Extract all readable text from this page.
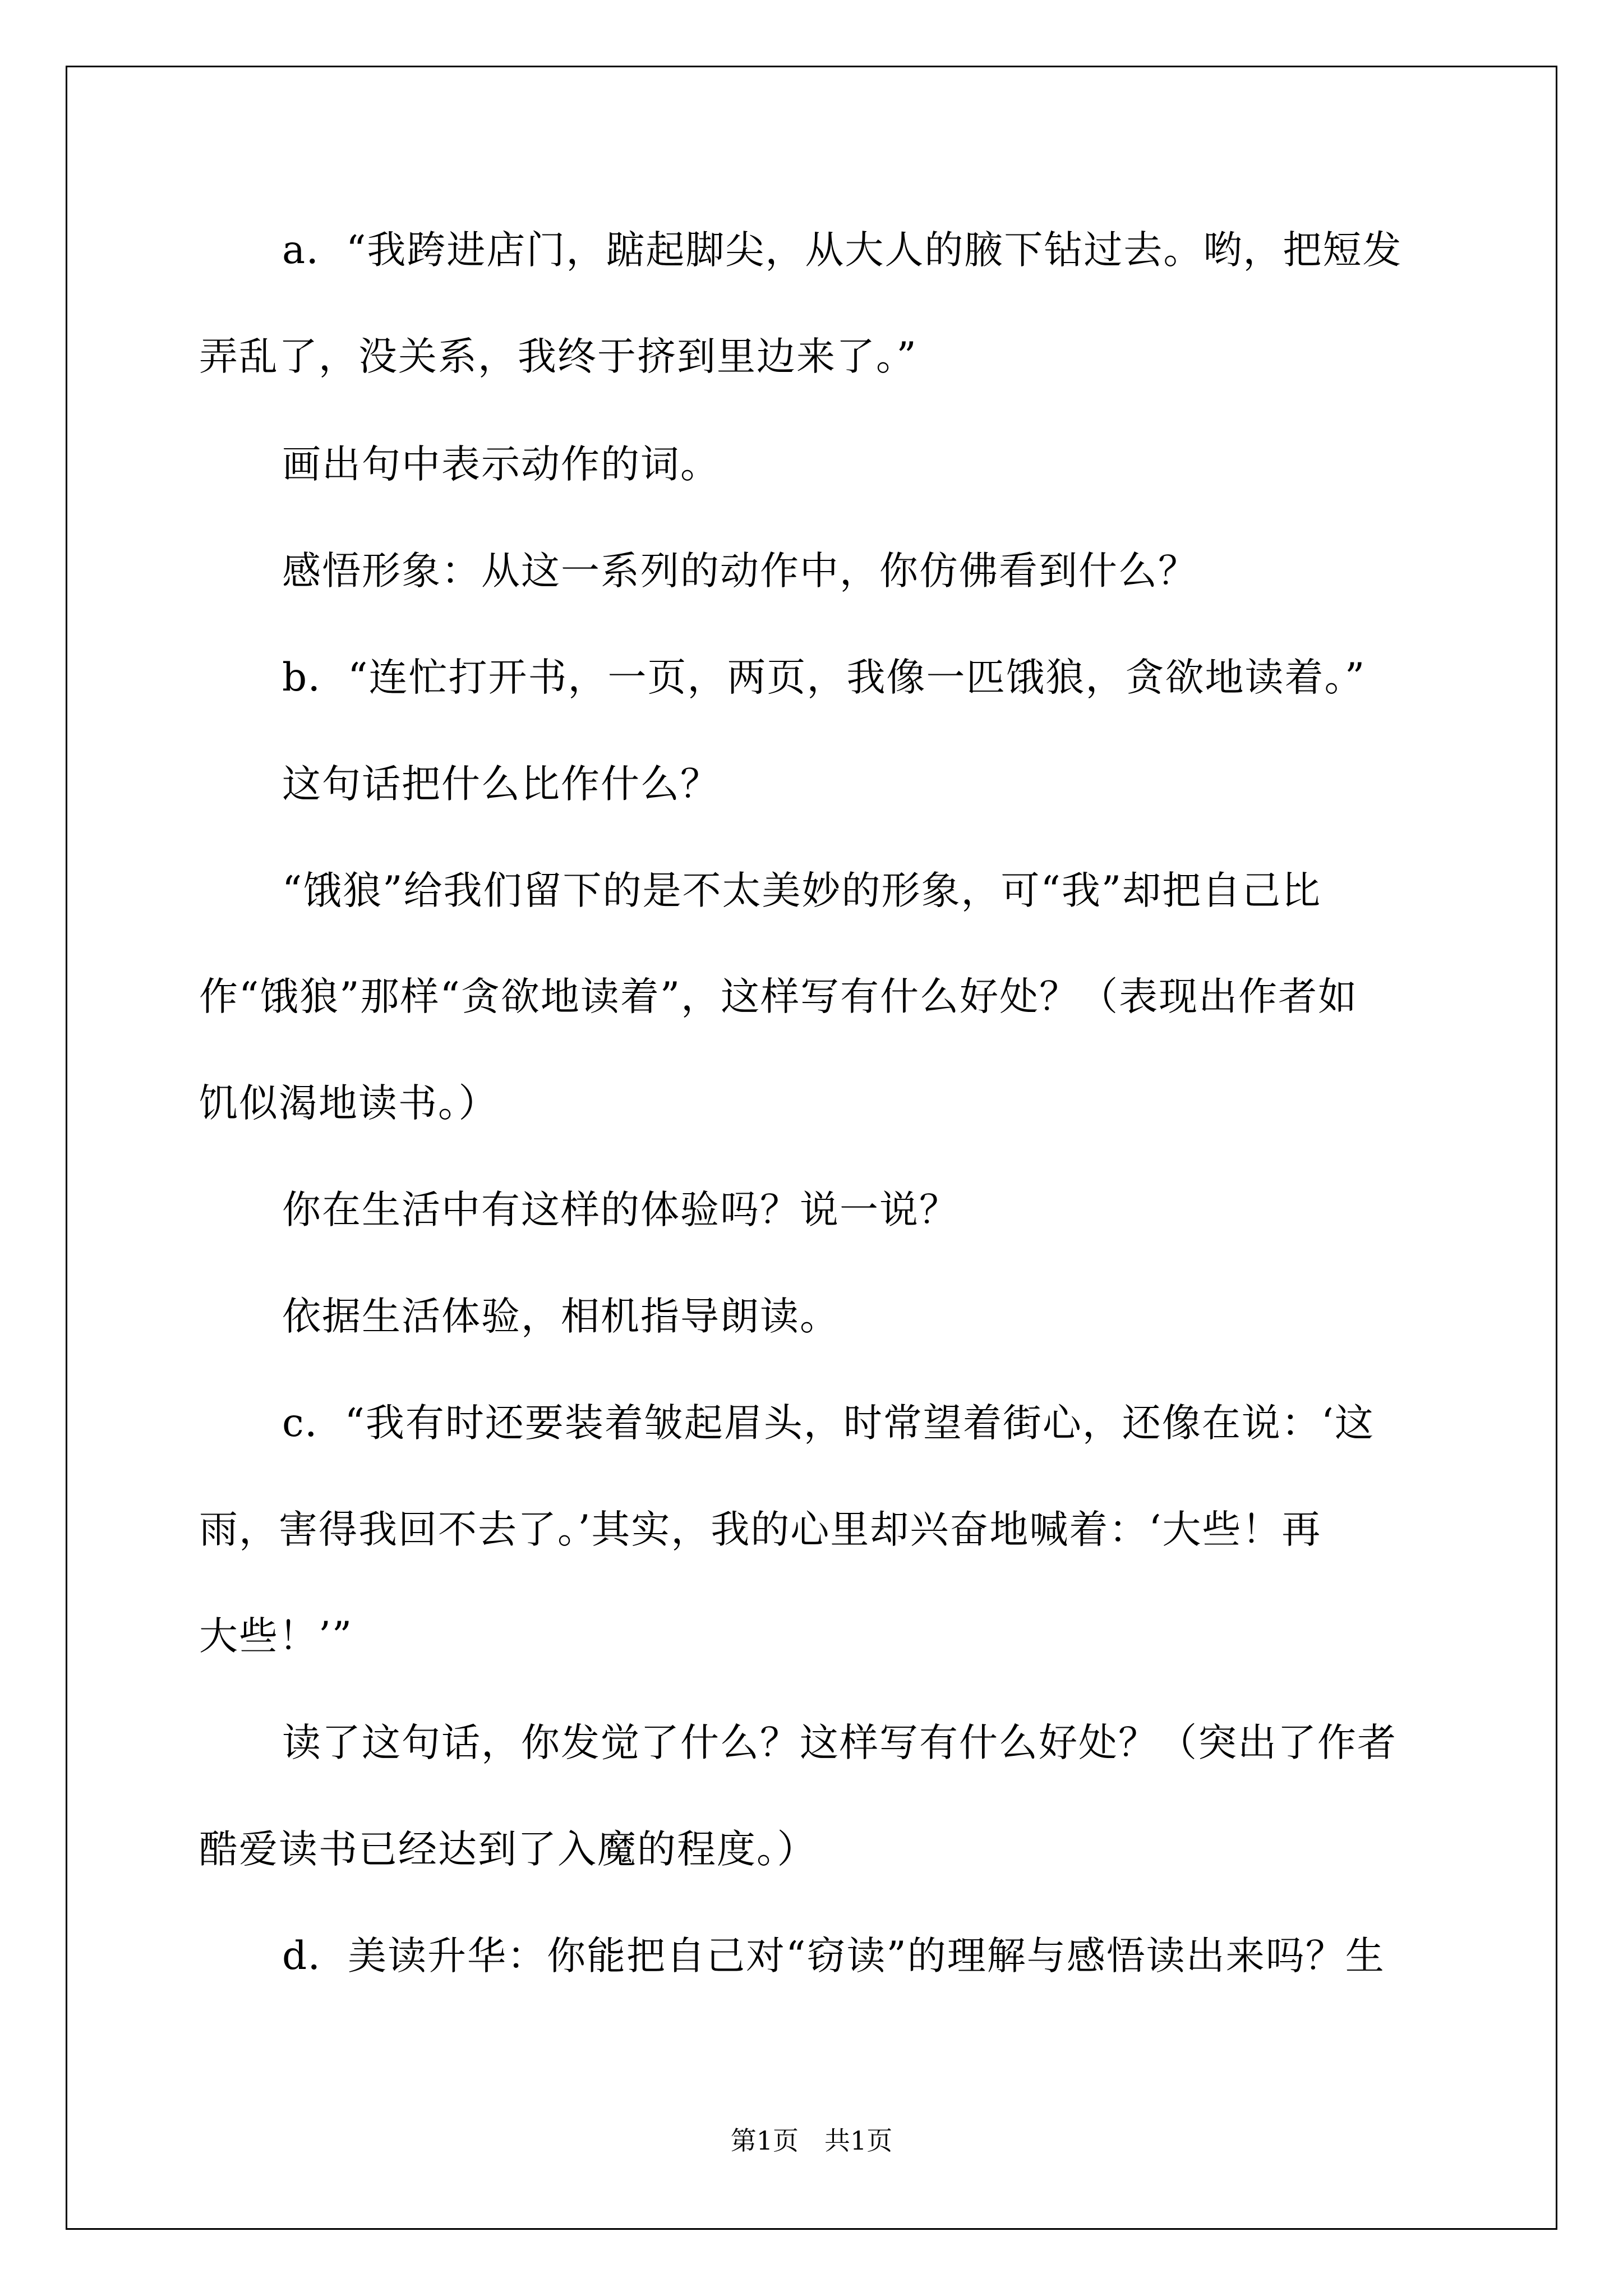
a．“我跨进店门，踮起脚尖，从大人的腋下钻过去。哟，把短发
弄乱了，没关系，我终于挤到里边来了。”
画出句中表示动作的词。
感悟形象：从这一系列的动作中，你仿佛看到什么？
b．“连忙打开书，一页，两页，我像一匹饿狼，贪欲地读着。”
这句话把什么比作什么？
“饿狼”给我们留下的是不太美妙的形象，可“我”却把自己比
作“饿狼”那样“贪欲地读着”，这样写有什么好处？（表现出作者如
饥似渴地读书。）
你在生活中有这样的体验吗？说一说？
依据生活体验，相机指导朗读。
c．“我有时还要装着皱起眉头，时常望着街心，还像在说：‘这
雨，害得我回不去了。’其实，我的心里却兴奋地喊着：‘大些！再
大些！’”
读了这句话，你发觉了什么？这样写有什么好处？（突出了作者
酷爱读书已经达到了入魔的程度。）
d．美读升华：你能把自己对“窃读”的理解与感悟读出来吗？生
第1页　共1页
